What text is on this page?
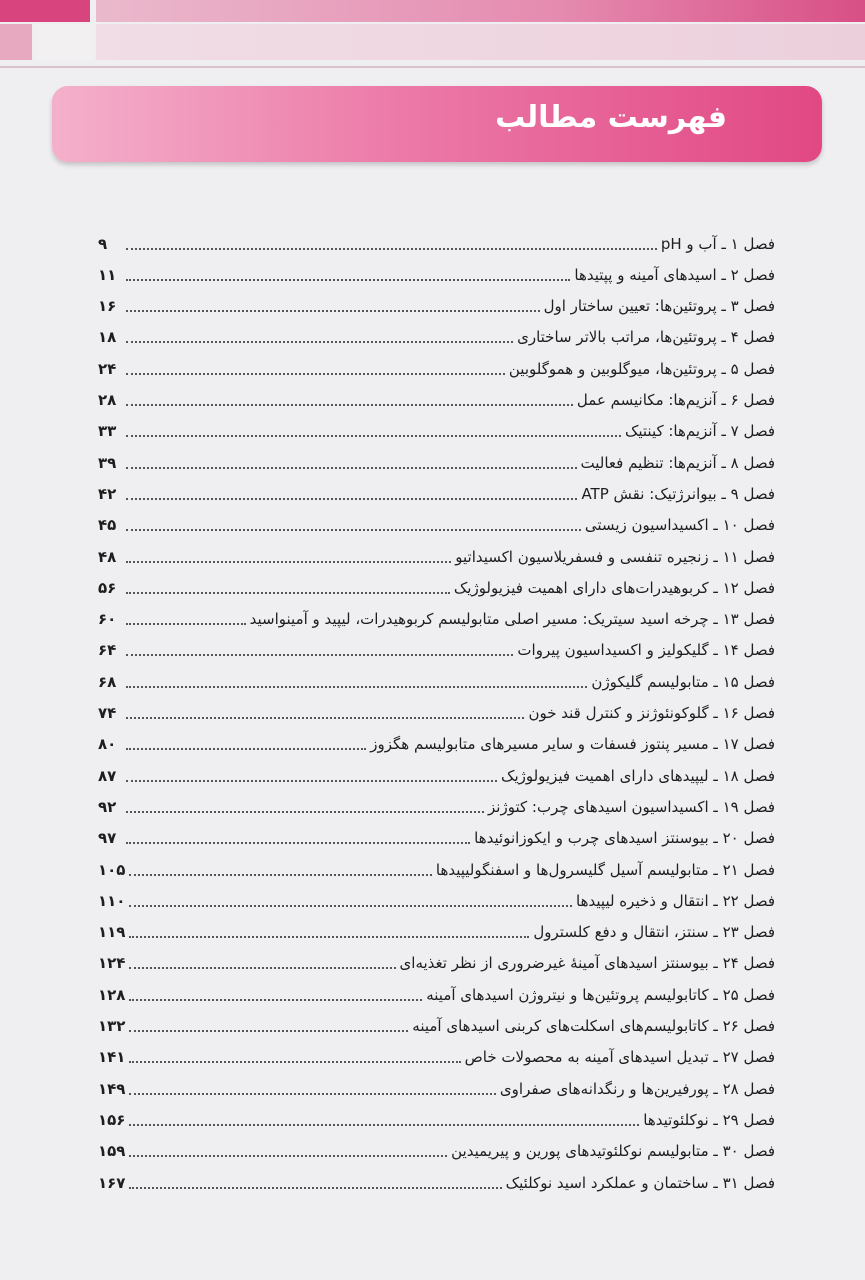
فهرست مطالب
فصل ۱ ـ آب و pH
۹
فصل ۲ ـ اسیدهای آمینه و پپتیدها
۱۱
فصل ۳ ـ پروتئین‌ها: تعیین ساختار اول
۱۶
فصل ۴ ـ پروتئین‌ها، مراتب بالاتر ساختاری
۱۸
فصل ۵ ـ پروتئین‌ها، میوگلوبین و هموگلوبین
۲۴
فصل ۶ ـ آنزیم‌ها: مکانیسم عمل
۲۸
فصل ۷ ـ آنزیم‌ها: کینتیک
۳۳
فصل ۸ ـ آنزیم‌ها: تنظیم فعالیت
۳۹
فصل ۹ ـ بیوانرژتیک: نقش ATP
۴۲
فصل ۱۰ ـ اکسیداسیون زیستی
۴۵
فصل ۱۱ ـ زنجیره تنفسی و فسفریلاسیون اکسیداتیو
۴۸
فصل ۱۲ ـ کربوهیدرات‌های دارای اهمیت فیزیولوژیک
۵۶
فصل ۱۳ ـ چرخه اسید سیتریک: مسیر اصلی متابولیسم کربوهیدرات، لیپید و آمینواسید
۶۰
فصل ۱۴ ـ گلیکولیز و اکسیداسیون پیروات
۶۴
فصل ۱۵ ـ متابولیسم گلیکوژن
۶۸
فصل ۱۶ ـ گلوکونئوژنز و کنترل قند خون
۷۴
فصل ۱۷ ـ مسیر پنتوز فسفات و سایر مسیرهای متابولیسم هگزوز
۸۰
فصل ۱۸ ـ لیپیدهای دارای اهمیت فیزیولوژیک
۸۷
فصل ۱۹ ـ اکسیداسیون اسیدهای چرب: کتوژنز
۹۲
فصل ۲۰ ـ بیوسنتز اسیدهای چرب و ایکوزانوئیدها
۹۷
فصل ۲۱ ـ متابولیسم آسیل گلیسرول‌ها و اسفنگولیپیدها
۱۰۵
فصل ۲۲ ـ انتقال و ذخیره لیپیدها
۱۱۰
فصل ۲۳ ـ سنتز، انتقال و دفع کلسترول
۱۱۹
فصل ۲۴ ـ بیوسنتز اسیدهای آمینهٔ غیرضروری از نظر تغذیه‌ای
۱۲۴
فصل ۲۵ ـ کاتابولیسم پروتئین‌ها و نیتروژن اسیدهای آمینه
۱۲۸
فصل ۲۶ ـ کاتابولیسم‌های اسکلت‌های کربنی اسیدهای آمینه
۱۳۲
فصل ۲۷ ـ تبدیل اسیدهای آمینه به محصولات خاص
۱۴۱
فصل ۲۸ ـ پورفیرین‌ها و رنگدانه‌های صفراوی
۱۴۹
فصل ۲۹ ـ نوکلئوتیدها
۱۵۶
فصل ۳۰ ـ متابولیسم نوکلئوتیدهای پورین و پیریمیدین
۱۵۹
فصل ۳۱ ـ ساختمان و عملکرد اسید نوکلئیک
۱۶۷
